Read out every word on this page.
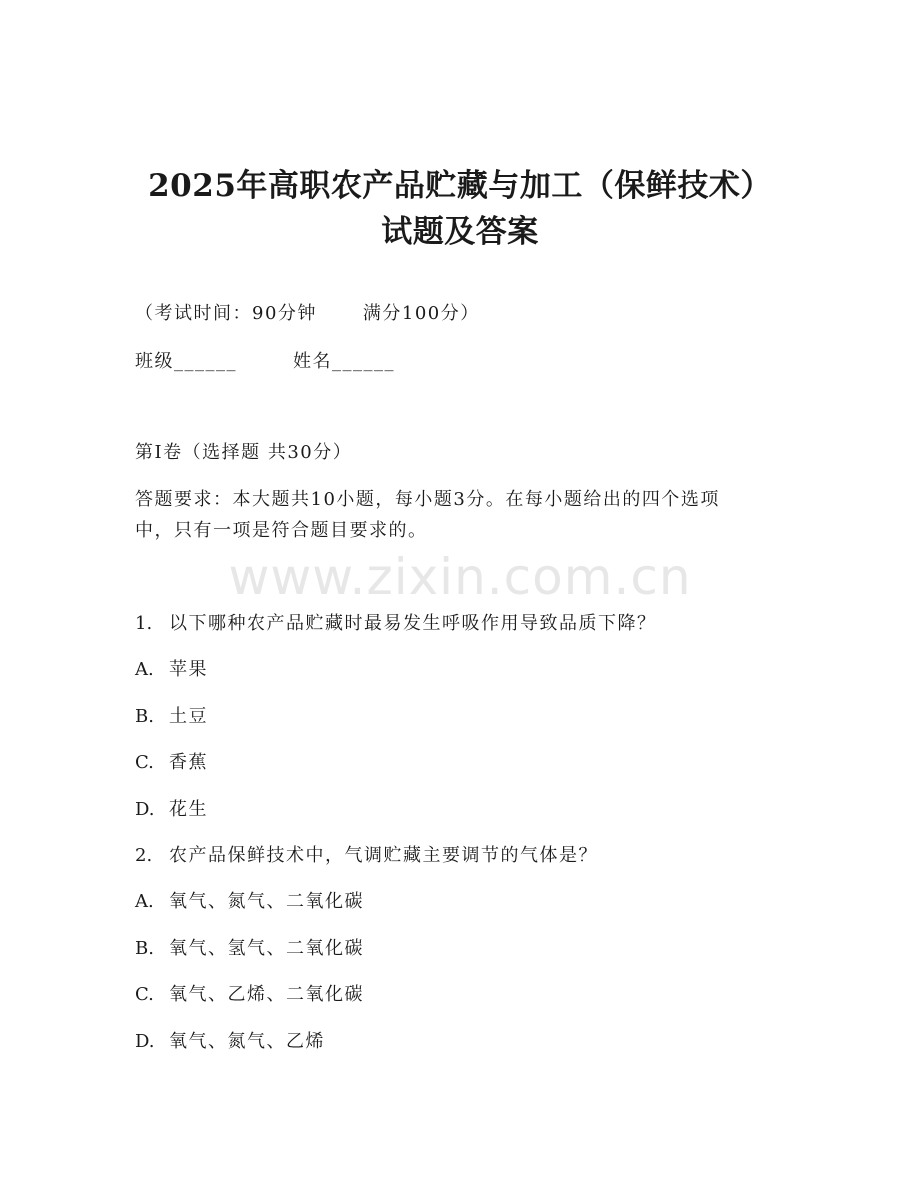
www.zixin.com.cn
2025年高职农产品贮藏与加工（保鲜技术）
试题及答案
（考试时间：90分钟	满分100分）
班级______	姓名______
第I卷（选择题 共30分）
答题要求：本大题共10小题，每小题3分。在每小题给出的四个选项
中，只有一项是符合题目要求的。
1. 以下哪种农产品贮藏时最易发生呼吸作用导致品质下降？
A. 苹果
B. 土豆
C. 香蕉
D. 花生
2. 农产品保鲜技术中，气调贮藏主要调节的气体是？
A. 氧气、氮气、二氧化碳
B. 氧气、氢气、二氧化碳
C. 氧气、乙烯、二氧化碳
D. 氧气、氮气、乙烯
